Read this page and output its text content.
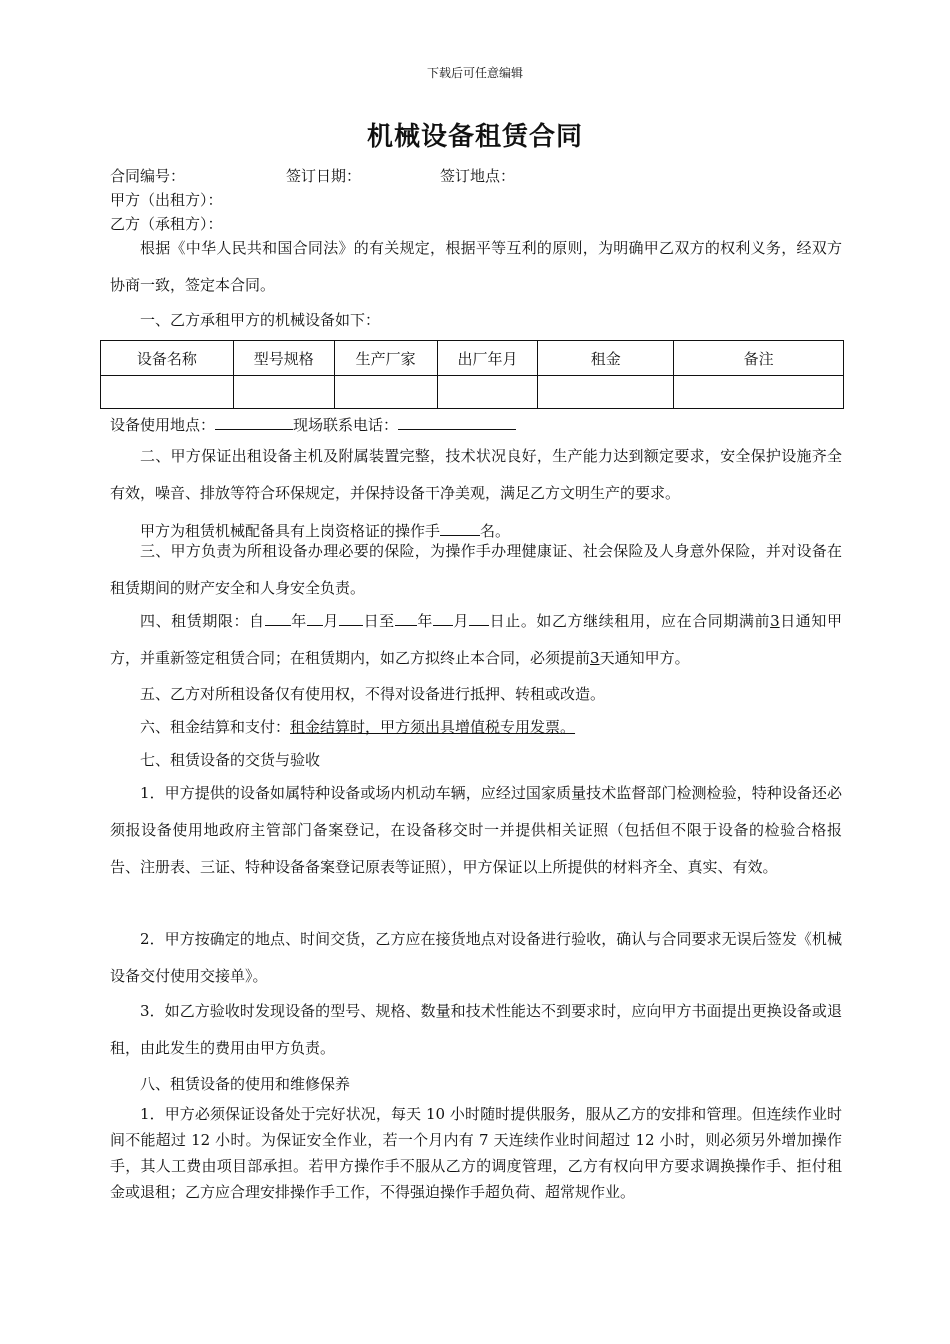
下载后可任意编辑
机械设备租赁合同
合同编号：	签订日期：	签订地点：
甲方（出租方）：
乙方（承租方）：
根据《中华人民共和国合同法》的有关规定，根据平等互利的原则，为明确甲乙双方的权利义务，经双方协商一致，签定本合同。
一、乙方承租甲方的机械设备如下：
设备名称	型号规格	生产厂家	出厂年月	租金	备注

设备使用地点：	现场联系电话：
二、甲方保证出租设备主机及附属装置完整，技术状况良好，生产能力达到额定要求，安全保护设施齐全有效，噪音、排放等符合环保规定，并保持设备干净美观，满足乙方文明生产的要求。
甲方为租赁机械配备具有上岗资格证的操作手	名。
三、甲方负责为所租设备办理必要的保险，为操作手办理健康证、社会保险及人身意外保险，并对设备在租赁期间的财产安全和人身安全负责。
四、租赁期限：自 年 月 日至 年 月 日止。如乙方继续租用，应在合同期满前3日通知甲方，并重新签定租赁合同；在租赁期内，如乙方拟终止本合同，必须提前3天通知甲方。
五、乙方对所租设备仅有使用权，不得对设备进行抵押、转租或改造。
六、租金结算和支付：租金结算时，甲方须出具增值税专用发票。
七、租赁设备的交货与验收
1．甲方提供的设备如属特种设备或场内机动车辆，应经过国家质量技术监督部门检测检验，特种设备还必须报设备使用地政府主管部门备案登记，在设备移交时一并提供相关证照（包括但不限于设备的检验合格报告、注册表、三证、特种设备备案登记原表等证照），甲方保证以上所提供的材料齐全、真实、有效。
2．甲方按确定的地点、时间交货，乙方应在接货地点对设备进行验收，确认与合同要求无误后签发《机械设备交付使用交接单》。
3．如乙方验收时发现设备的型号、规格、数量和技术性能达不到要求时，应向甲方书面提出更换设备或退租，由此发生的费用由甲方负责。
八、租赁设备的使用和维修保养
1．甲方必须保证设备处于完好状况，每天 10 小时随时提供服务，服从乙方的安排和管理。但连续作业时间不能超过 12 小时。为保证安全作业，若一个月内有 7 天连续作业时间超过 12 小时，则必须另外增加操作手，其人工费由项目部承担。若甲方操作手不服从乙方的调度管理，乙方有权向甲方要求调换操作手、拒付租金或退租；乙方应合理安排操作手工作，不得强迫操作手超负荷、超常规作业。
